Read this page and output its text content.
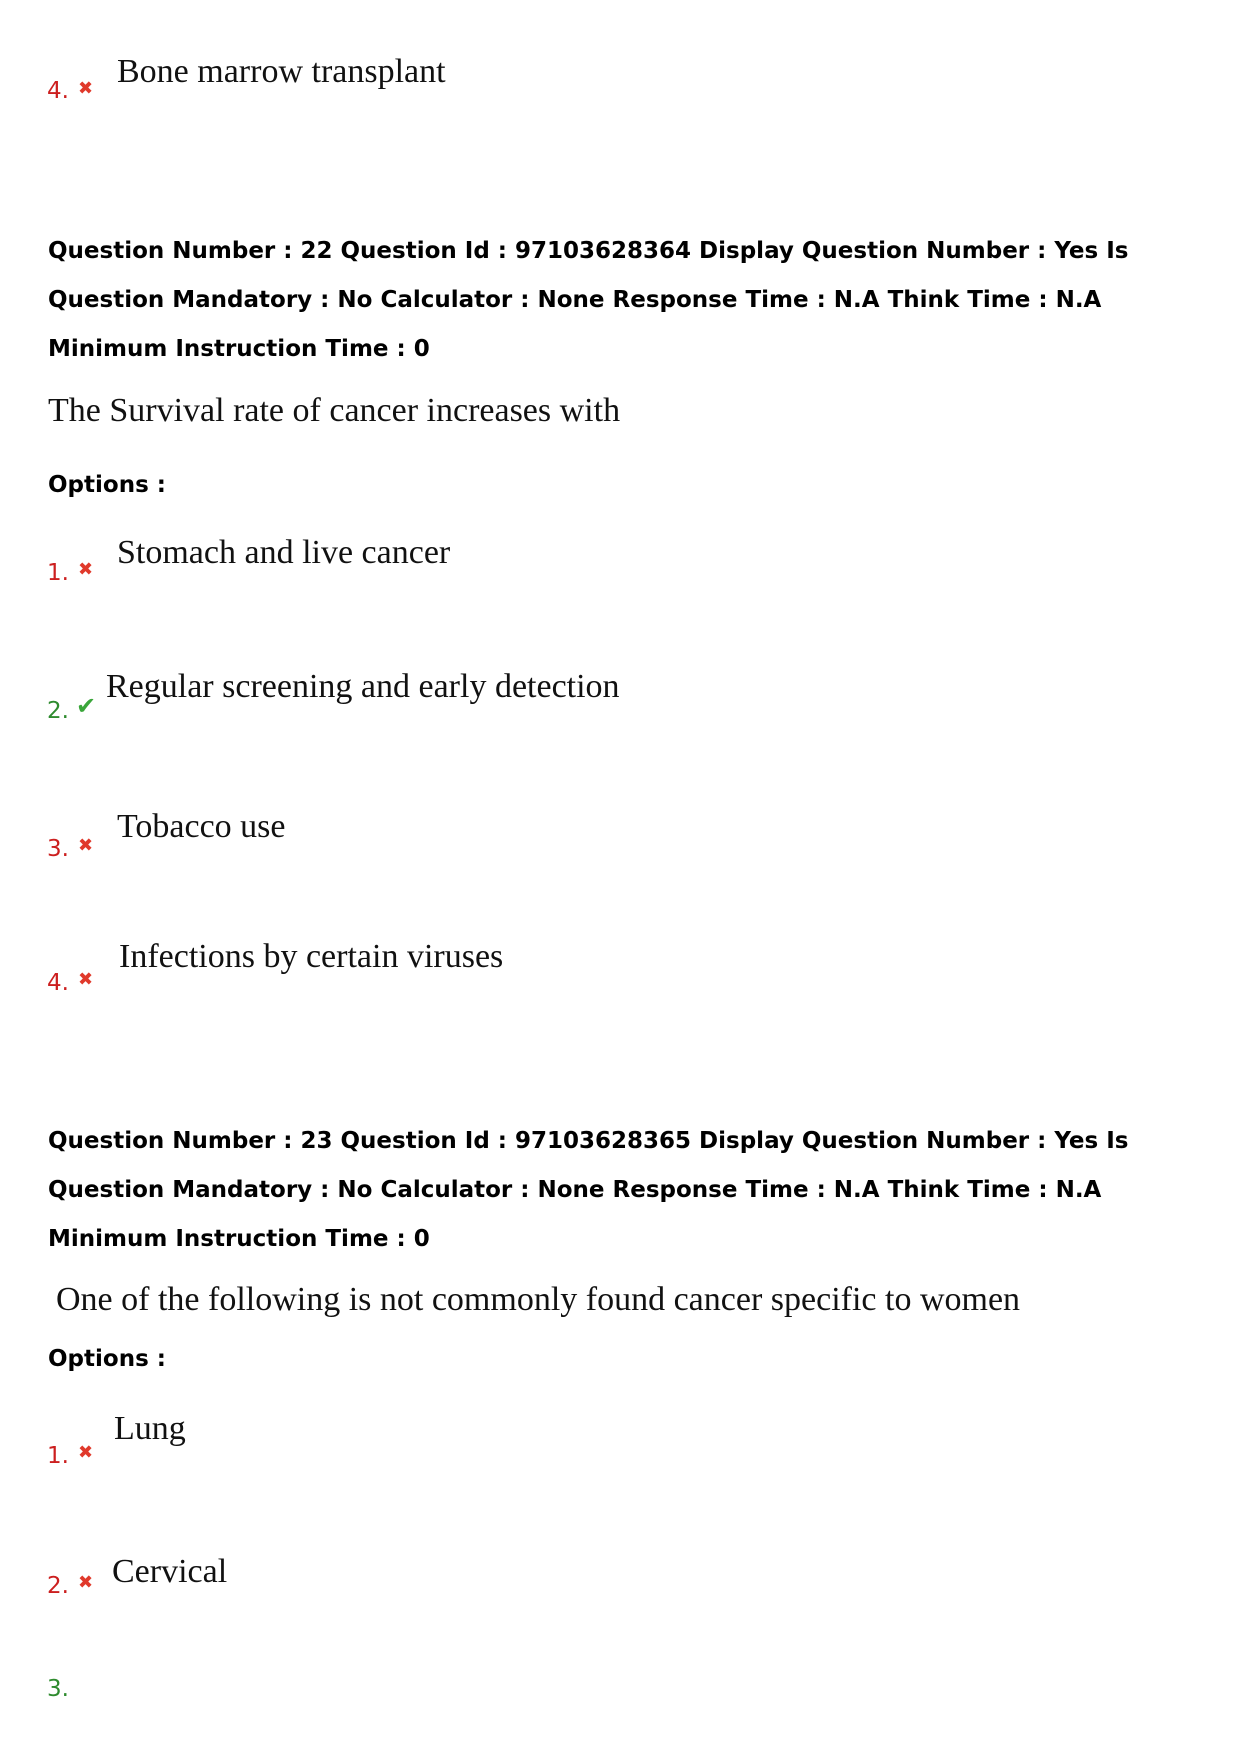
4. ✖ Bone marrow transplant
Question Number : 22 Question Id : 97103628364 Display Question Number : Yes Is Question Mandatory : No Calculator : None Response Time : N.A Think Time : N.A Minimum Instruction Time : 0
The Survival rate of cancer increases with
Options :
1. ✖ Stomach and live cancer
2. ✔
Regular screening and early detection
3. ✖
Tobacco use
4. ✖
Infections by certain viruses
Question Number : 23 Question Id : 97103628365 Display Question Number : Yes Is Question Mandatory : No Calculator : None Response Time : N.A Think Time : N.A Minimum Instruction Time : 0
One of the following is not commonly found cancer specific to women
Options :
1. ✖
Lung
2. ✖ Cervical
3.
